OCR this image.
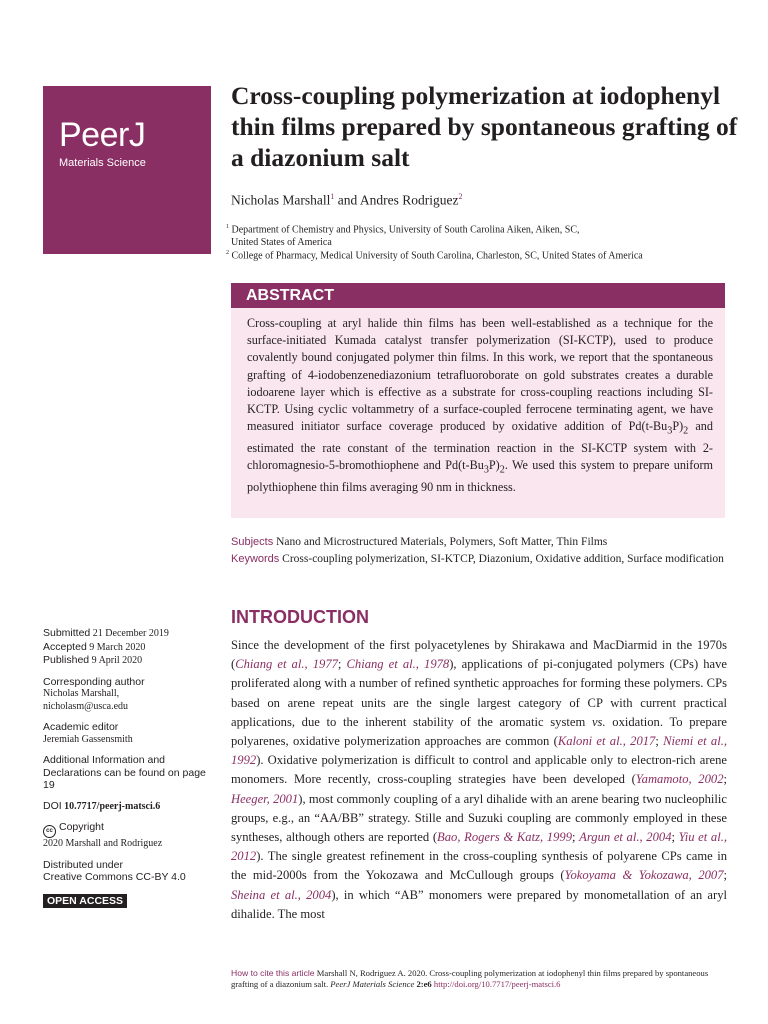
PeerJ
Materials Science
Cross-coupling polymerization at iodophenyl thin films prepared by spontaneous grafting of a diazonium salt
Nicholas Marshall$^1$ and Andres Rodriguez$^2$
$^1$ Department of Chemistry and Physics, University of South Carolina Aiken, Aiken, SC,
United States of America
$^2$ College of Pharmacy, Medical University of South Carolina, Charleston, SC, United States of America
ABSTRACT
Cross-coupling at aryl halide thin films has been well-established as a technique for the surface-initiated Kumada catalyst transfer polymerization (SI-KCTP), used to produce covalently bound conjugated polymer thin films. In this work, we report that the spontaneous grafting of 4-iodobenzenediazonium tetrafluoroborate on gold substrates creates a durable iodoarene layer which is effective as a substrate for cross-coupling reactions including SI-KCTP. Using cyclic voltammetry of a surface-coupled ferrocene terminating agent, we have measured initiator surface coverage produced by oxidative addition of $Pd(t-Bu_3P)_2$ and estimated the rate constant of the termination reaction in the SI-KCTP system with 2-chloromagnesio-5-bromothiophene and $Pd(t-Bu_3P)_2$. We used this system to prepare uniform polythiophene thin films averaging 90 nm in thickness.
Subjects Nano and Microstructured Materials, Polymers, Soft Matter, Thin Films
Keywords Cross-coupling polymerization, SI-KTCP, Diazonium, Oxidative addition, Surface modification
Submitted 21 December 2019
Accepted 9 March 2020
Published 9 April 2020
Corresponding author
Nicholas Marshall,
nicholasm@usca.edu
Academic editor
Jeremiah Gassensmith
Additional Information and Declarations can be found on page 19
DOI 10.7717/peerj-matsci.6
cc Copyright
2020 Marshall and Rodriguez
Distributed under
Creative Commons CC-BY 4.0
OPEN ACCESS
INTRODUCTION
Since the development of the first polyacetylenes by Shirakawa and MacDiarmid in the 1970s (Chiang et al., 1977; Chiang et al., 1978), applications of pi-conjugated polymers (CPs) have proliferated along with a number of refined synthetic approaches for forming these polymers. CPs based on arene repeat units are the single largest category of CP with current practical applications, due to the inherent stability of the aromatic system vs. oxidation. To prepare polyarenes, oxidative polymerization approaches are common (Kaloni et al., 2017; Niemi et al., 1992). Oxidative polymerization is difficult to control and applicable only to electron-rich arene monomers. More recently, cross-coupling strategies have been developed (Yamamoto, 2002; Heeger, 2001), most commonly coupling of a aryl dihalide with an arene bearing two nucleophilic groups, e.g., an “AA/BB” strategy. Stille and Suzuki coupling are commonly employed in these syntheses, although others are reported (Bao, Rogers & Katz, 1999; Argun et al., 2004; Yiu et al., 2012). The single greatest refinement in the cross-coupling synthesis of polyarene CPs came in the mid-2000s from the Yokozawa and McCullough groups (Yokoyama & Yokozawa, 2007; Sheina et al., 2004), in which “AB” monomers were prepared by monometallation of an aryl dihalide. The most
How to cite this article Marshall N, Rodriguez A. 2020. Cross-coupling polymerization at iodophenyl thin films prepared by spontaneous grafting of a diazonium salt. PeerJ Materials Science 2:e6 http://doi.org/10.7717/peerj-matsci.6
